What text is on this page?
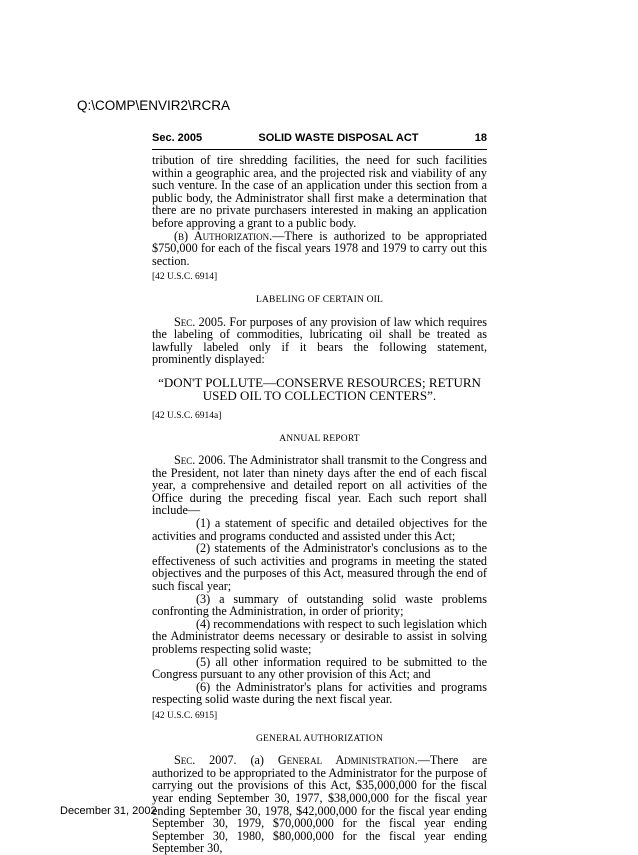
Q:\COMP\ENVIR2\RCRA
Sec. 2005	SOLID WASTE DISPOSAL ACT	18

tribution of tire shredding facilities, the need for such facilities within a geographic area, and the projected risk and viability of any such venture. In the case of an application under this section from a public body, the Administrator shall first make a determination that there are no private purchasers interested in making an application before approving a grant to a public body.

(b) Authorization.—There is authorized to be appropriated $750,000 for each of the fiscal years 1978 and 1979 to carry out this section.

[42 U.S.C. 6914]

LABELING OF CERTAIN OIL

Sec. 2005. For purposes of any provision of law which requires the labeling of commodities, lubricating oil shall be treated as lawfully labeled only if it bears the following statement, prominently displayed:

“DON'T POLLUTE—CONSERVE RESOURCES; RETURN USED OIL TO COLLECTION CENTERS”.

[42 U.S.C. 6914a]

ANNUAL REPORT

Sec. 2006. The Administrator shall transmit to the Congress and the President, not later than ninety days after the end of each fiscal year, a comprehensive and detailed report on all activities of the Office during the preceding fiscal year. Each such report shall include—

(1) a statement of specific and detailed objectives for the activities and programs conducted and assisted under this Act;

(2) statements of the Administrator's conclusions as to the effectiveness of such activities and programs in meeting the stated objectives and the purposes of this Act, measured through the end of such fiscal year;

(3) a summary of outstanding solid waste problems confronting the Administration, in order of priority;

(4) recommendations with respect to such legislation which the Administrator deems necessary or desirable to assist in solving problems respecting solid waste;

(5) all other information required to be submitted to the Congress pursuant to any other provision of this Act; and

(6) the Administrator's plans for activities and programs respecting solid waste during the next fiscal year.

[42 U.S.C. 6915]

GENERAL AUTHORIZATION

Sec. 2007. (a) General Administration.—There are authorized to be appropriated to the Administrator for the purpose of carrying out the provisions of this Act, $35,000,000 for the fiscal year ending September 30, 1977, $38,000,000 for the fiscal year ending September 30, 1978, $42,000,000 for the fiscal year ending September 30, 1979, $70,000,000 for the fiscal year ending September 30, 1980, $80,000,000 for the fiscal year ending September 30,

December 31, 2002
